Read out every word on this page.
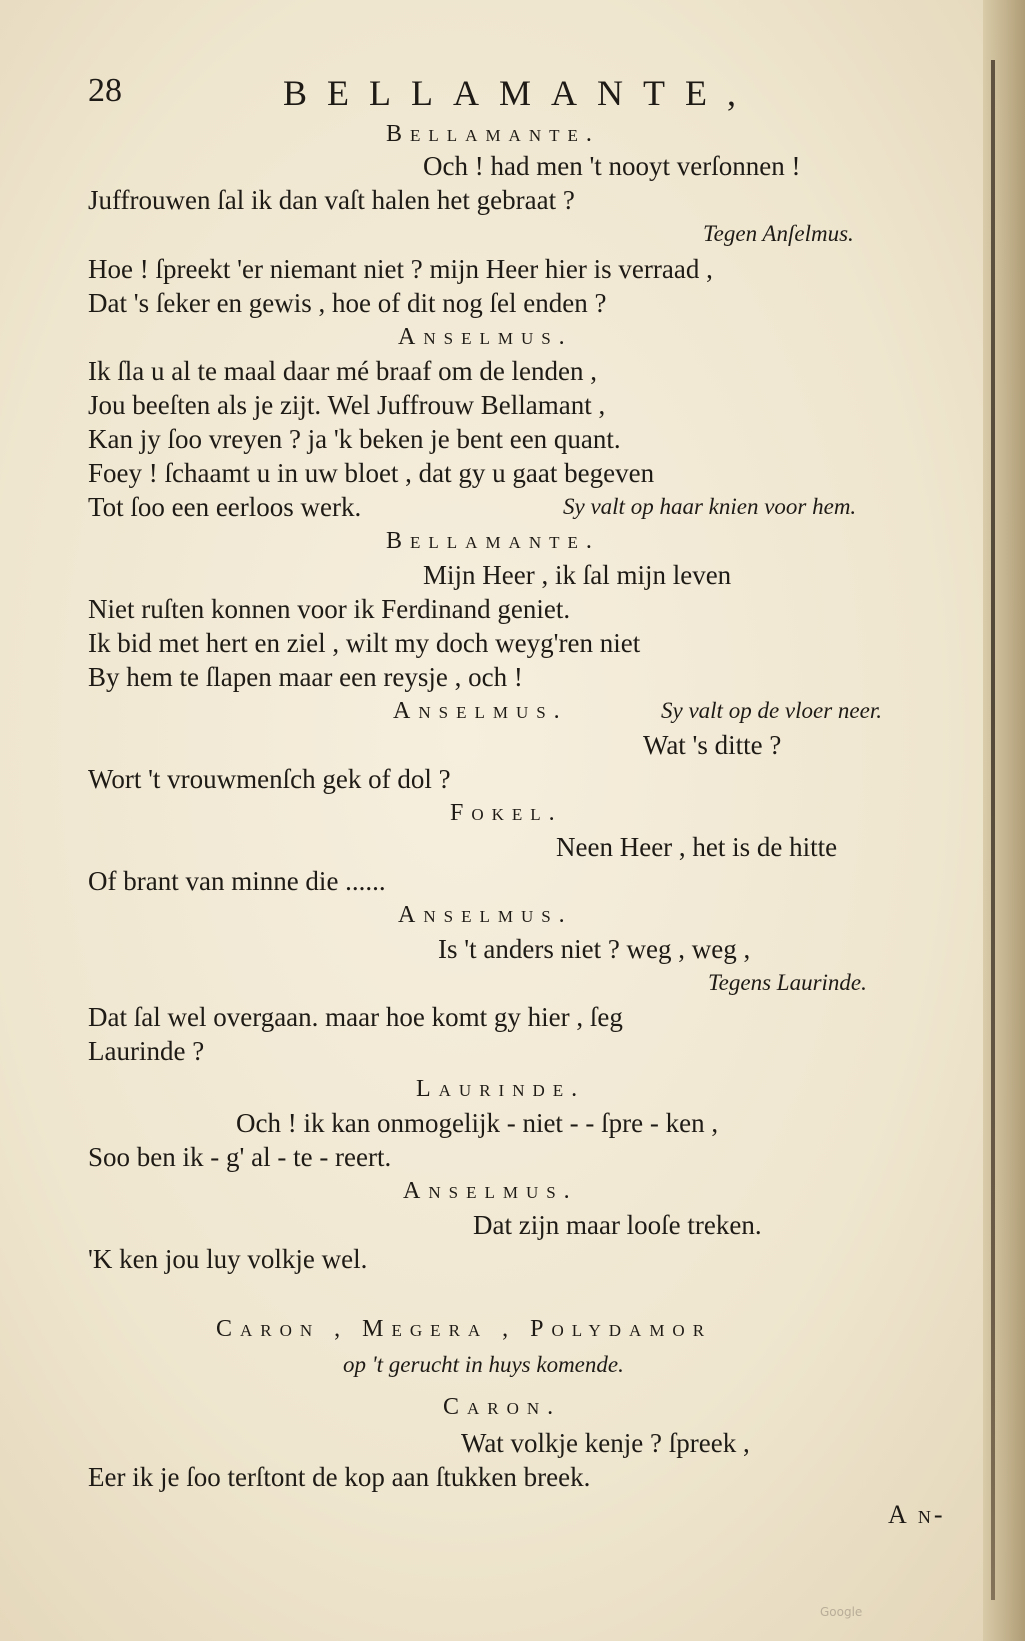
28	BELLAMANTE,
Bellamante.
Och ! had men 't nooyt verſonnen !
Juffrouwen ſal ik dan vaſt halen het gebraat ?
Tegen Anſelmus.
Hoe ! ſpreekt 'er niemant niet ? mijn Heer hier is verraad ,
Dat 's ſeker en gewis , hoe of dit nog ſel enden ?
Anselmus.
Ik ſla u al te maal daar mé braaf om de lenden ,
Jou beeſten als je zijt. Wel Juffrouw Bellamant ,
Kan jy ſoo vreyen ? ja 'k beken je bent een quant.
Foey ! ſchaamt u in uw bloet , dat gy u gaat begeven
Tot ſoo een eerloos werk.	Sy valt op haar knien voor hem.
Bellamante.
Mijn Heer , ik ſal mijn leven
Niet ruſten konnen voor ik Ferdinand geniet.
Ik bid met hert en ziel , wilt my doch weyg'ren niet
By hem te ſlapen maar een reysje , och !
Anselmus.	Sy valt op de vloer neer.
Wat 's ditte ?
Wort 't vrouwmenſch gek of dol ?
Fokel.
Neen Heer , het is de hitte
Of brant van minne die ......
Anselmus.
Is 't anders niet ? weg , weg ,
Tegens Laurinde.
Dat ſal wel overgaan. maar hoe komt gy hier , ſeg
Laurinde ?
Laurinde.
Och ! ik kan onmogelijk - niet - - ſpre - ken ,
Soo ben ik - g' al - te - reert.
Anselmus.
Dat zijn maar looſe treken.
'K ken jou luy volkje wel.
Caron , Megera , Polydamor
op 't gerucht in huys komende.
Caron.
Wat volkje kenje ? ſpreek ,
Eer ik je ſoo terſtont de kop aan ſtukken breek.
A n-
Google
